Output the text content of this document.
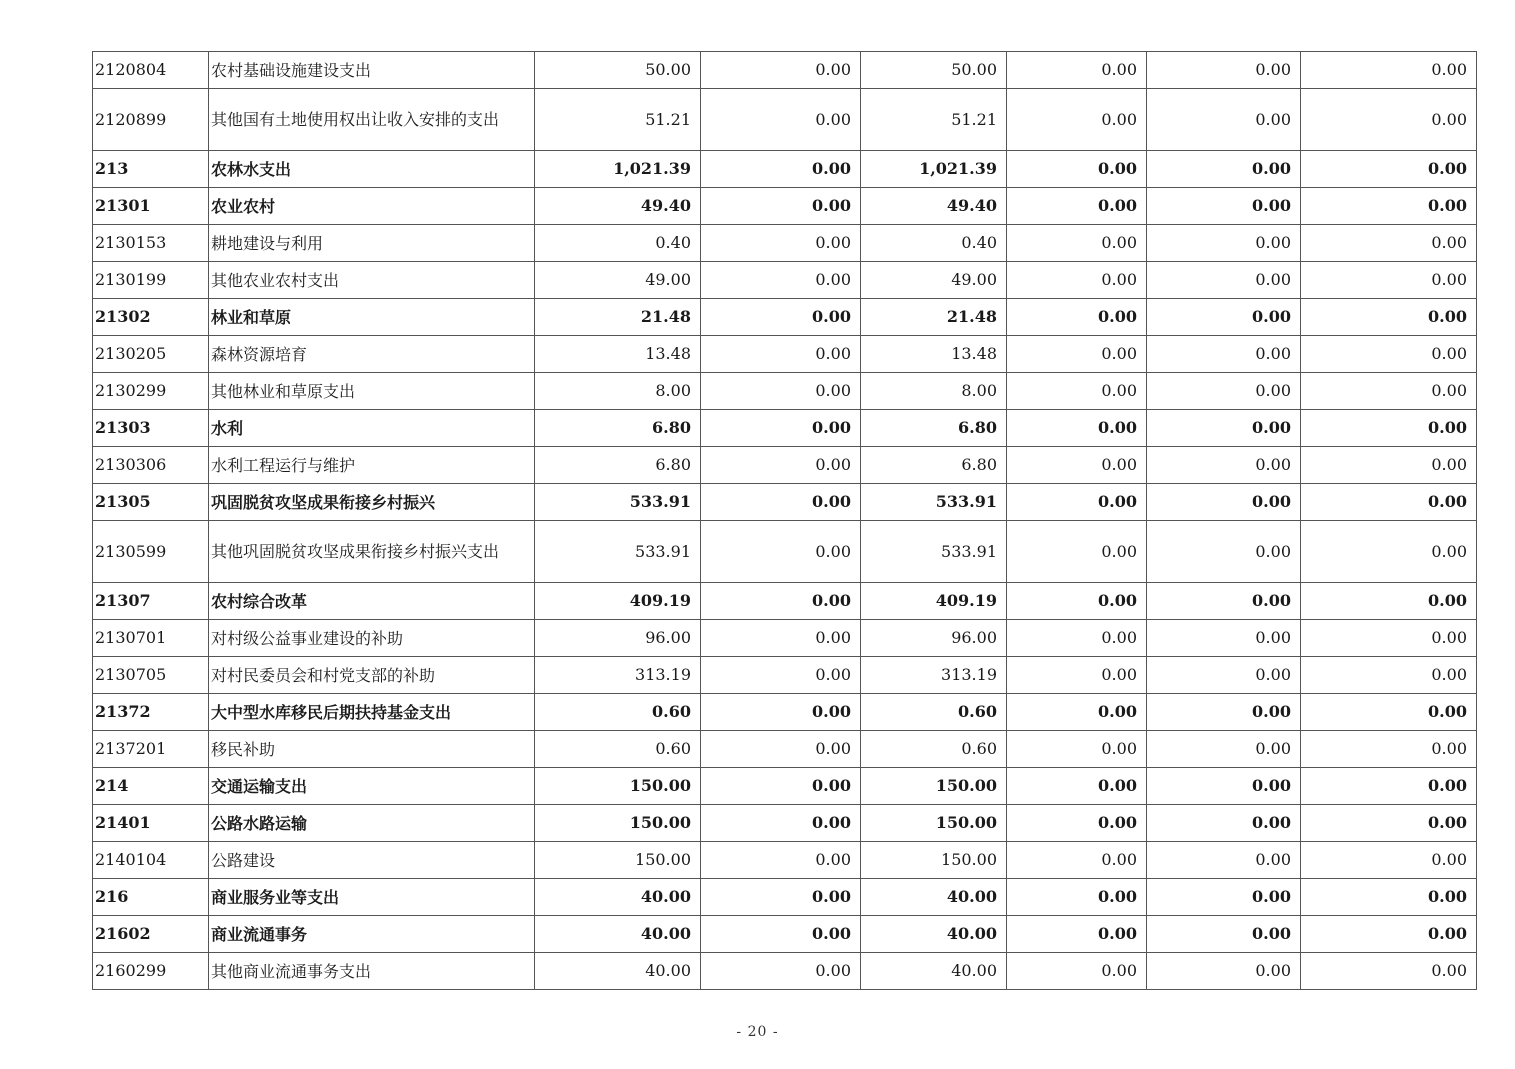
2120804	农村基础设施建设支出	50.00	0.00	50.00	0.00	0.00	0.00
2120899	其他国有土地使用权出让收入安排的支出	51.21	0.00	51.21	0.00	0.00	0.00
213	农林水支出	1,021.39	0.00	1,021.39	0.00	0.00	0.00
21301	农业农村	49.40	0.00	49.40	0.00	0.00	0.00
2130153	耕地建设与利用	0.40	0.00	0.40	0.00	0.00	0.00
2130199	其他农业农村支出	49.00	0.00	49.00	0.00	0.00	0.00
21302	林业和草原	21.48	0.00	21.48	0.00	0.00	0.00
2130205	森林资源培育	13.48	0.00	13.48	0.00	0.00	0.00
2130299	其他林业和草原支出	8.00	0.00	8.00	0.00	0.00	0.00
21303	水利	6.80	0.00	6.80	0.00	0.00	0.00
2130306	水利工程运行与维护	6.80	0.00	6.80	0.00	0.00	0.00
21305	巩固脱贫攻坚成果衔接乡村振兴	533.91	0.00	533.91	0.00	0.00	0.00
2130599	其他巩固脱贫攻坚成果衔接乡村振兴支出	533.91	0.00	533.91	0.00	0.00	0.00
21307	农村综合改革	409.19	0.00	409.19	0.00	0.00	0.00
2130701	对村级公益事业建设的补助	96.00	0.00	96.00	0.00	0.00	0.00
2130705	对村民委员会和村党支部的补助	313.19	0.00	313.19	0.00	0.00	0.00
21372	大中型水库移民后期扶持基金支出	0.60	0.00	0.60	0.00	0.00	0.00
2137201	移民补助	0.60	0.00	0.60	0.00	0.00	0.00
214	交通运输支出	150.00	0.00	150.00	0.00	0.00	0.00
21401	公路水路运输	150.00	0.00	150.00	0.00	0.00	0.00
2140104	公路建设	150.00	0.00	150.00	0.00	0.00	0.00
216	商业服务业等支出	40.00	0.00	40.00	0.00	0.00	0.00
21602	商业流通事务	40.00	0.00	40.00	0.00	0.00	0.00
2160299	其他商业流通事务支出	40.00	0.00	40.00	0.00	0.00	0.00
- 20 -
